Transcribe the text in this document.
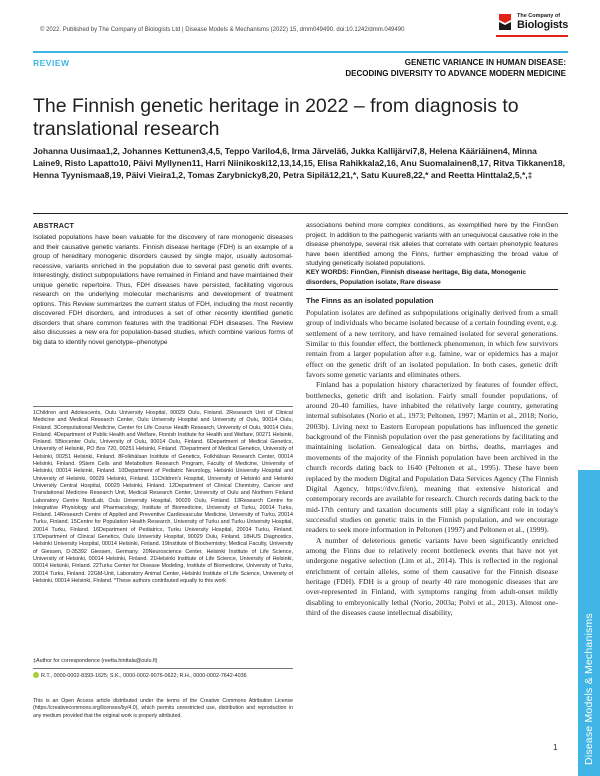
© 2022. Published by The Company of Biologists Ltd | Disease Models & Mechanisms (2022) 15, dmm049490. doi:10.1242/dmm.049490
The Company of
Biologists
REVIEW	GENETIC VARIANCE IN HUMAN DISEASE:
DECODING DIVERSITY TO ADVANCE MODERN MEDICINE
The Finnish genetic heritage in 2022 – from diagnosis to translational research
Johanna Uusimaa1,2, Johannes Kettunen3,4,5, Teppo Varilo4,6, Irma Järvelä6, Jukka Kallijärvi7,8, Helena Kääriäinen4, Minna Laine9, Risto Lapatto10, Päivi Myllynen11, Harri Niinikoski12,13,14,15, Elisa Rahikkala2,16, Anu Suomalainen8,17, Ritva Tikkanen18, Henna Tyynismaa8,19, Päivi Vieira1,2, Tomas Zarybnicky8,20, Petra Sipilä12,21,*, Satu Kuure8,22,* and Reetta Hinttala2,5,*,‡
ABSTRACT
Isolated populations have been valuable for the discovery of rare monogenic diseases and their causative genetic variants. Finnish disease heritage (FDH) is an example of a group of hereditary monogenic disorders caused by single major, usually autosomal-recessive, variants enriched in the population due to several past genetic drift events. Interestingly, distinct subpopulations have remained in Finland and have maintained their unique genetic repertoire. Thus, FDH diseases have persisted, facilitating vigorous research on the underlying molecular mechanisms and development of treatment options. This Review summarizes the current status of FDH, including the most recently discovered FDH disorders, and introduces a set of other recently identified genetic disorders that share common features with the traditional FDH diseases. The Review also discusses a new era for population-based studies, which combine various forms of big data to identify novel genotype–phenotype
associations behind more complex conditions, as exemplified here by the FinnGen project. In addition to the pathogenic variants with an unequivocal causative role in the disease phenotype, several risk alleles that correlate with certain phenotypic features have been identified among the Finns, further emphasizing the broad value of studying genetically isolated populations.
KEY WORDS: FinnGen, Finnish disease heritage, Big data, Monogenic disorders, Population isolate, Rare disease
1Children and Adolescents, Oulu University Hospital, 90029 Oulu, Finland. 2Research Unit of Clinical Medicine and Medical Research Center, Oulu University Hospital and University of Oulu, 90014 Oulu, Finland. 3Computational Medicine, Center for Life Course Health Research, University of Oulu, 90014 Oulu, Finland. 4Department of Public Health and Welfare, Finnish Institute for Health and Welfare, 00271 Helsinki, Finland. 5Biocenter Oulu, University of Oulu, 90014 Oulu, Finland. 6Department of Medical Genetics, University of Helsinki, PO Box 720, 00251 Helsinki, Finland. 7Department of Medical Genetics, University of Helsinki, 00251 Helsinki, Finland. 8Folkhälsan Institute of Genetics, Folkhälsan Research Center, 00014 Helsinki, Finland. 9Stem Cells and Metabolism Research Program, Faculty of Medicine, University of Helsinki, 00014 Helsinki, Finland. 10Department of Pediatric Neurology, Helsinki University Hospital and University of Helsinki, 00029 Helsinki, Finland. 11Children's Hospital, University of Helsinki and Helsinki University Central Hospital, 00029 Helsinki, Finland. 12Department of Clinical Chemistry, Cancer and Translational Medicine Research Unit, Medical Research Center, University of Oulu and Northern Finland Laboratory Centre NordLab, Oulu University Hospital, 90029 Oulu, Finland. 13Research Centre for Integrative Physiology and Pharmacology, Institute of Biomedicine, University of Turku, 20014 Turku, Finland. 14Research Centre of Applied and Preventive Cardiovascular Medicine, University of Turku, 20014 Turku, Finland. 15Centre for Population Health Research, University of Turku and Turku University Hospital, 20014 Turku, Finland. 16Department of Pediatrics, Turku University Hospital, 20014 Turku, Finland. 17Department of Clinical Genetics, Oulu University Hospital, 90029 Oulu, Finland. 18HUS Diagnostics, Helsinki University Hospital, 00014 Helsinki, Finland. 19Institute of Biochemistry, Medical Faculty, University of Giessen, D-35392 Giessen, Germany. 20Neuroscience Center, Helsinki Institute of Life Science, University of Helsinki, 00014 Helsinki, Finland. 21Helsinki Institute of Life Science, University of Helsinki, 00014 Helsinki, Finland. 22Turku Center for Disease Modeling, Institute of Biomedicine, University of Turku, 20014 Turku, Finland. 22GM-Unit, Laboratory Animal Center, Helsinki Institute of Life Science, University of Helsinki, 00014 Helsinki, Finland. *These authors contributed equally to this work
‡Author for correspondence (reetta.hinttala@oulu.fi)
R.T., 0000-0002-8393-1625; S.K., 0000-0002-9076-0622; R.H., 0000-0002-7642-4036
This is an Open Access article distributed under the terms of the Creative Commons Attribution License (https://creativecommons.org/licenses/by/4.0), which permits unrestricted use, distribution and reproduction in any medium provided that the original work is properly attributed.
The Finns as an isolated population

Population isolates are defined as subpopulations originally derived from a small group of individuals who became isolated because of a certain founding event, e.g. settlement of a new territory, and have remained isolated for several generations. Similar to this founder effect, the bottleneck phenomenon, in which few survivors remain from a larger population after e.g. famine, war or epidemics has a major effect on the genetic drift of an isolated population. In both cases, genetic drift favors some genetic variants and eliminates others.

Finland has a population history characterized by features of founder effect, bottlenecks, genetic drift and isolation. Fairly small founder populations, of around 20-40 families, have inhabited the relatively large country, generating internal subisolates (Norio et al., 1973; Peltonen, 1997; Martin et al., 2018; Norio, 2003b). Living next to Eastern European populations has influenced the genetic background of the Finnish population over the past generations by facilitating and maintaining isolation. Genealogical data on births, deaths, marriages and movements of the majority of the Finnish population have been archived in the church records dating back to 1640 (Peltonen et al., 1995). These have been replaced by the modern Digital and Population Data Services Agency (The Finnish Digital Agency, https://dvv.fi/en), meaning that extensive historical and contemporary records are available for research. Church records dating back to the mid-17th century and taxation documents still play a significant role in today's successful studies on genetic traits in the Finnish population, and we encourage readers to seek more information in Peltonen (1997) and Peltonen et al., (1999).

A number of deleterious genetic variants have been significantly enriched among the Finns due to relatively recent bottleneck events that have not yet undergone negative selection (Lim et al., 2014). This is reflected in the regional enrichment of certain alleles, some of them causative for the Finnish disease heritage (FDH). FDH is a group of nearly 40 rare monogenic diseases that are over-represented in Finland, with symptoms ranging from adult-onset mildly disabling to embryonically lethal (Norio, 2003a; Polvi et al., 2013). Almost one-third of the diseases cause intellectual disability,

Disease Models & Mechanisms
1
